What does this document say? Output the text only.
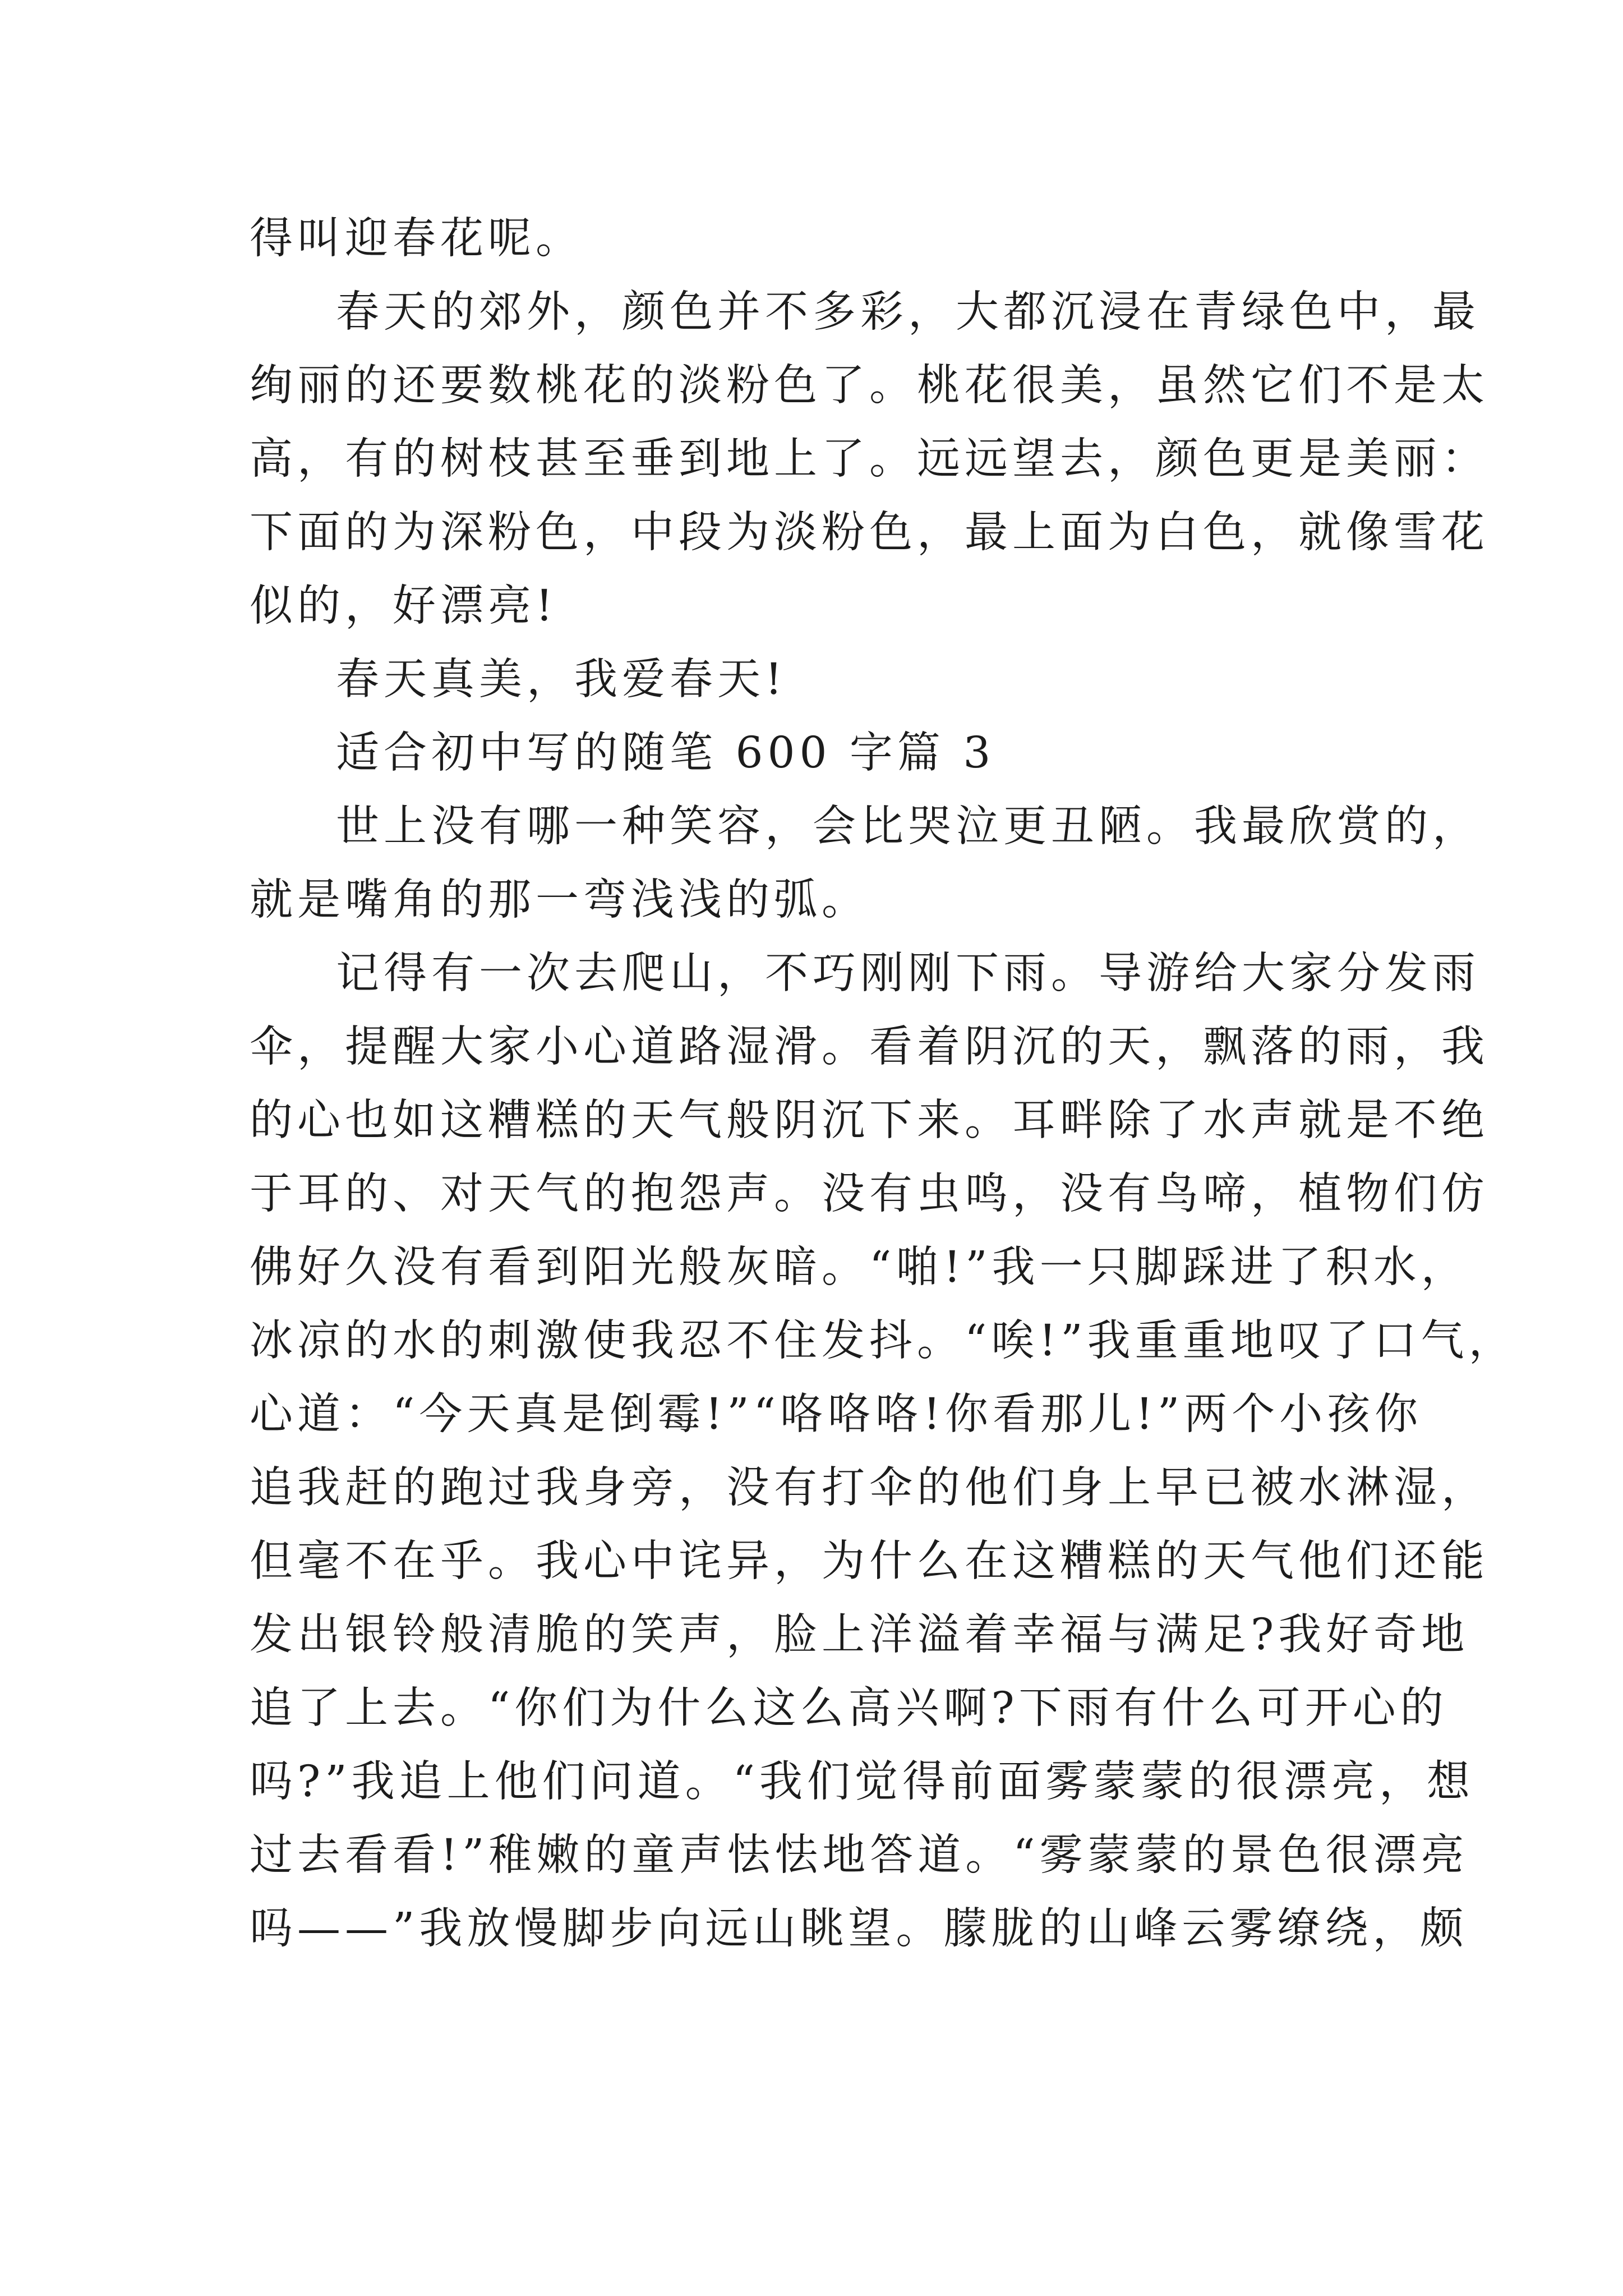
得叫迎春花呢。

春天的郊外，颜色并不多彩，大都沉浸在青绿色中，最
绚丽的还要数桃花的淡粉色了。桃花很美，虽然它们不是太
高，有的树枝甚至垂到地上了。远远望去，颜色更是美丽：
下面的为深粉色，中段为淡粉色，最上面为白色，就像雪花
似的，好漂亮!

春天真美，我爱春天!

适合初中写的随笔 600 字篇 3

世上没有哪一种笑容，会比哭泣更丑陋。我最欣赏的，
就是嘴角的那一弯浅浅的弧。

记得有一次去爬山，不巧刚刚下雨。导游给大家分发雨
伞，提醒大家小心道路湿滑。看着阴沉的天，飘落的雨，我
的心也如这糟糕的天气般阴沉下来。耳畔除了水声就是不绝
于耳的、对天气的抱怨声。没有虫鸣，没有鸟啼，植物们仿
佛好久没有看到阳光般灰暗。“啪!”我一只脚踩进了积水，
冰凉的水的刺激使我忍不住发抖。“唉!”我重重地叹了口气，
心道：“今天真是倒霉!”“咯咯咯!你看那儿!”两个小孩你
追我赶的跑过我身旁，没有打伞的他们身上早已被水淋湿，
但毫不在乎。我心中诧异，为什么在这糟糕的天气他们还能
发出银铃般清脆的笑声，脸上洋溢着幸福与满足?我好奇地
追了上去。“你们为什么这么高兴啊?下雨有什么可开心的
吗?”我追上他们问道。“我们觉得前面雾蒙蒙的很漂亮，想
过去看看!”稚嫩的童声怯怯地答道。“雾蒙蒙的景色很漂亮
吗——”我放慢脚步向远山眺望。朦胧的山峰云雾缭绕，颇
